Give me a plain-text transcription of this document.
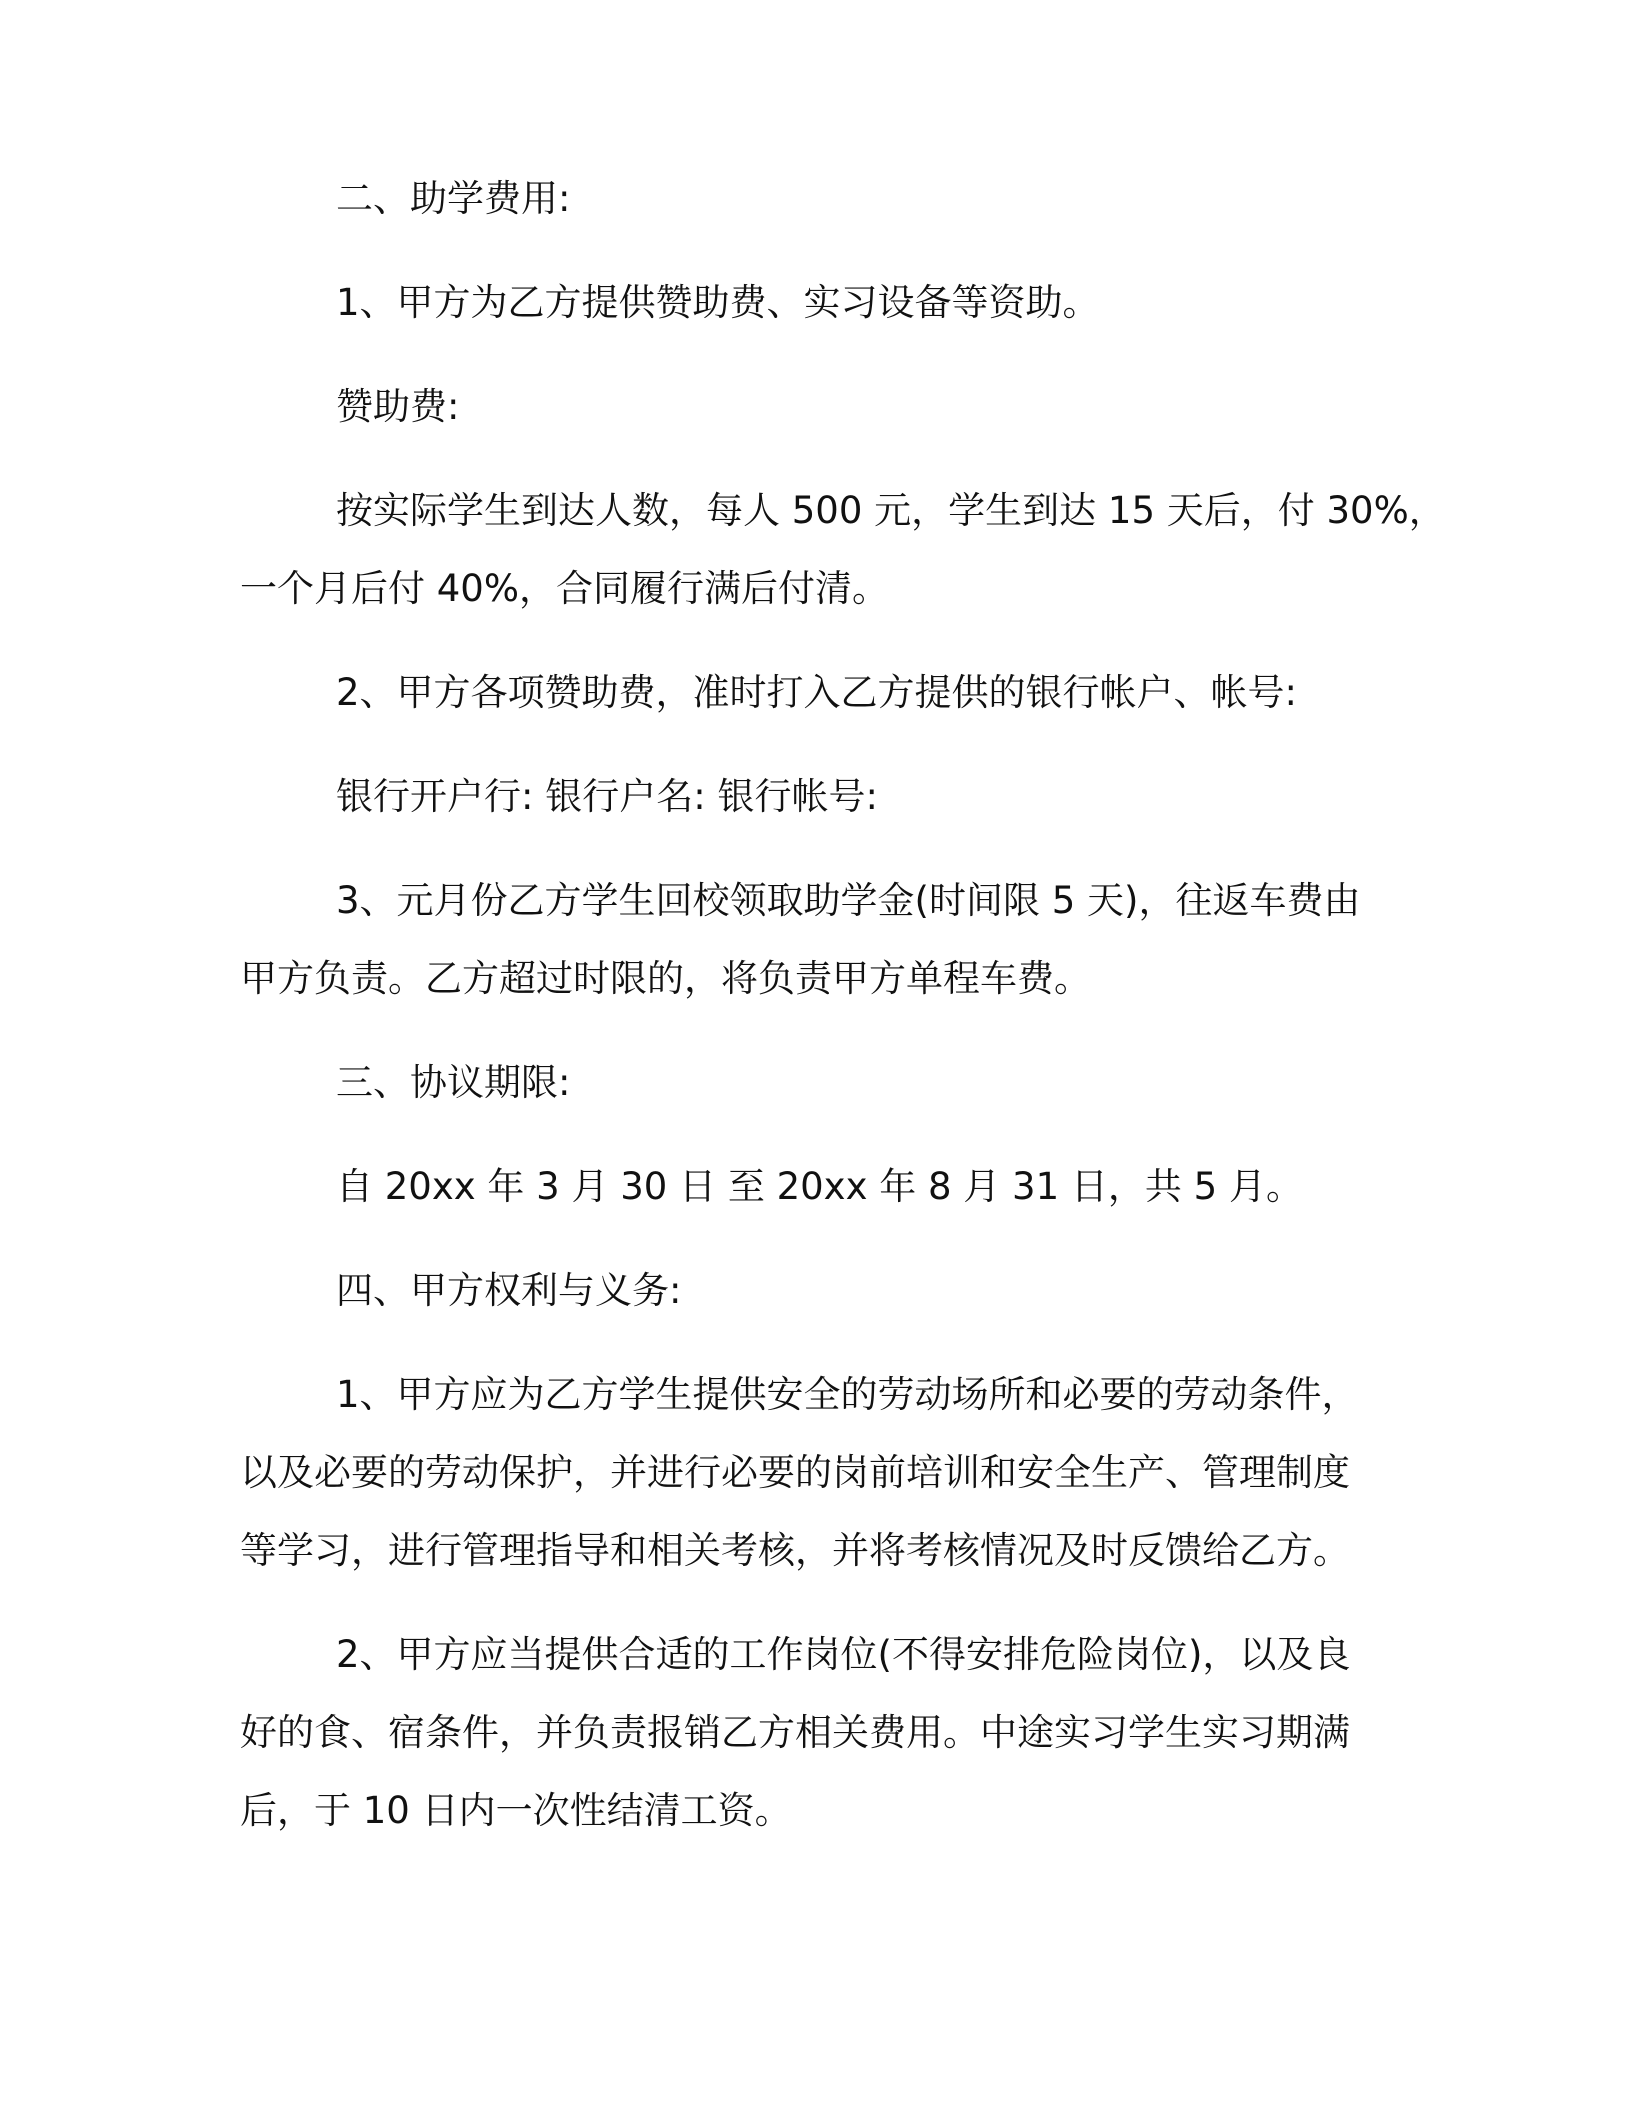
二、助学费用:

1、甲方为乙方提供赞助费、实习设备等资助。

赞助费:

按实际学生到达人数，每人 500 元，学生到达 15 天后，付 30%，
一个月后付 40%，合同履行满后付清。

2、甲方各项赞助费，准时打入乙方提供的银行帐户、帐号:

银行开户行: 银行户名: 银行帐号:

3、元月份乙方学生回校领取助学金(时间限 5 天)，往返车费由
甲方负责。乙方超过时限的，将负责甲方单程车费。

三、协议期限:

自 20xx 年 3 月 30 日 至 20xx 年 8 月 31 日，共 5 月。

四、甲方权利与义务:

1、甲方应为乙方学生提供安全的劳动场所和必要的劳动条件，
以及必要的劳动保护，并进行必要的岗前培训和安全生产、管理制度
等学习，进行管理指导和相关考核，并将考核情况及时反馈给乙方。

2、甲方应当提供合适的工作岗位(不得安排危险岗位)，以及良
好的食、宿条件，并负责报销乙方相关费用。中途实习学生实习期满
后，于 10 日内一次性结清工资。
